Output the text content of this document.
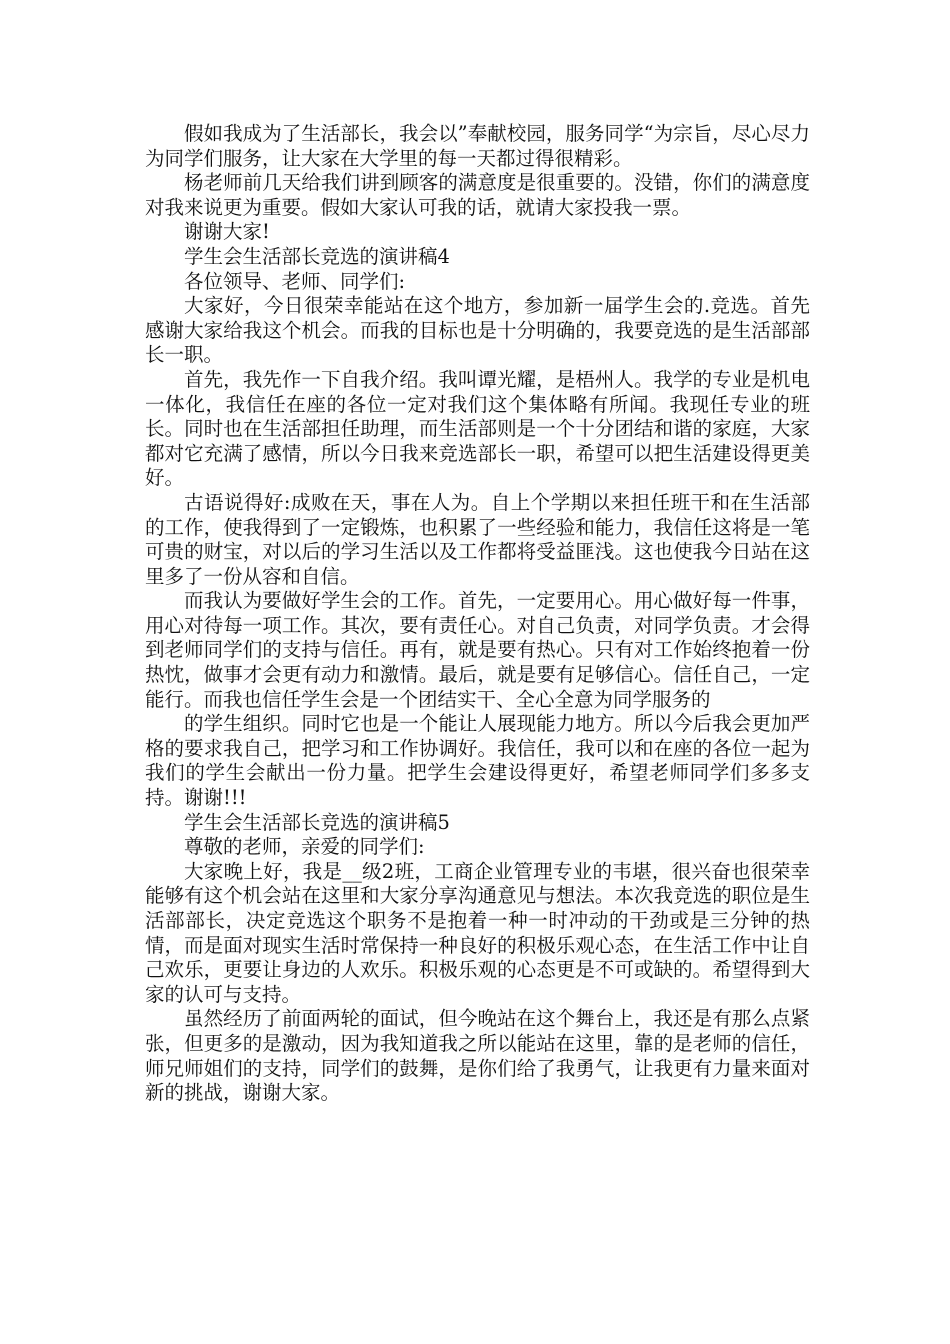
假如我成为了生活部长，我会以”奉献校园，服务同学“为宗旨，尽心尽力为同学们服务，让大家在大学里的每一天都过得很精彩。

杨老师前几天给我们讲到顾客的满意度是很重要的。没错，你们的满意度对我来说更为重要。假如大家认可我的话，就请大家投我一票。

谢谢大家!

学生会生活部长竞选的演讲稿4

各位领导、老师、同学们:

大家好，今日很荣幸能站在这个地方，参加新一届学生会的.竞选。首先感谢大家给我这个机会。而我的目标也是十分明确的，我要竞选的是生活部部长一职。

首先，我先作一下自我介绍。我叫谭光耀，是梧州人。我学的专业是机电一体化，我信任在座的各位一定对我们这个集体略有所闻。我现任专业的班长。同时也在生活部担任助理，而生活部则是一个十分团结和谐的家庭，大家都对它充满了感情，所以今日我来竞选部长一职，希望可以把生活建设得更美好。

古语说得好:成败在天，事在人为。自上个学期以来担任班干和在生活部的工作，使我得到了一定锻炼，也积累了一些经验和能力，我信任这将是一笔可贵的财宝，对以后的学习生活以及工作都将受益匪浅。这也使我今日站在这里多了一份从容和自信。

而我认为要做好学生会的工作。首先，一定要用心。用心做好每一件事，用心对待每一项工作。其次，要有责任心。对自己负责，对同学负责。才会得到老师同学们的支持与信任。再有，就是要有热心。只有对工作始终抱着一份热忱，做事才会更有动力和激情。最后，就是要有足够信心。信任自己，一定能行。而我也信任学生会是一个团结实干、全心全意为同学服务的

的学生组织。同时它也是一个能让人展现能力地方。所以今后我会更加严格的要求我自己，把学习和工作协调好。我信任，我可以和在座的各位一起为我们的学生会献出一份力量。把学生会建设得更好，希望老师同学们多多支持。谢谢!!!

学生会生活部长竞选的演讲稿5

尊敬的老师，亲爱的同学们:

大家晚上好，我是__级2班，工商企业管理专业的韦堪，很兴奋也很荣幸能够有这个机会站在这里和大家分享沟通意见与想法。本次我竞选的职位是生活部部长，决定竞选这个职务不是抱着一种一时冲动的干劲或是三分钟的热情，而是面对现实生活时常保持一种良好的积极乐观心态，在生活工作中让自己欢乐，更要让身边的人欢乐。积极乐观的心态更是不可或缺的。希望得到大家的认可与支持。

虽然经历了前面两轮的面试，但今晚站在这个舞台上，我还是有那么点紧张，但更多的是激动，因为我知道我之所以能站在这里，靠的是老师的信任，师兄师姐们的支持，同学们的鼓舞，是你们给了我勇气，让我更有力量来面对新的挑战，谢谢大家。
